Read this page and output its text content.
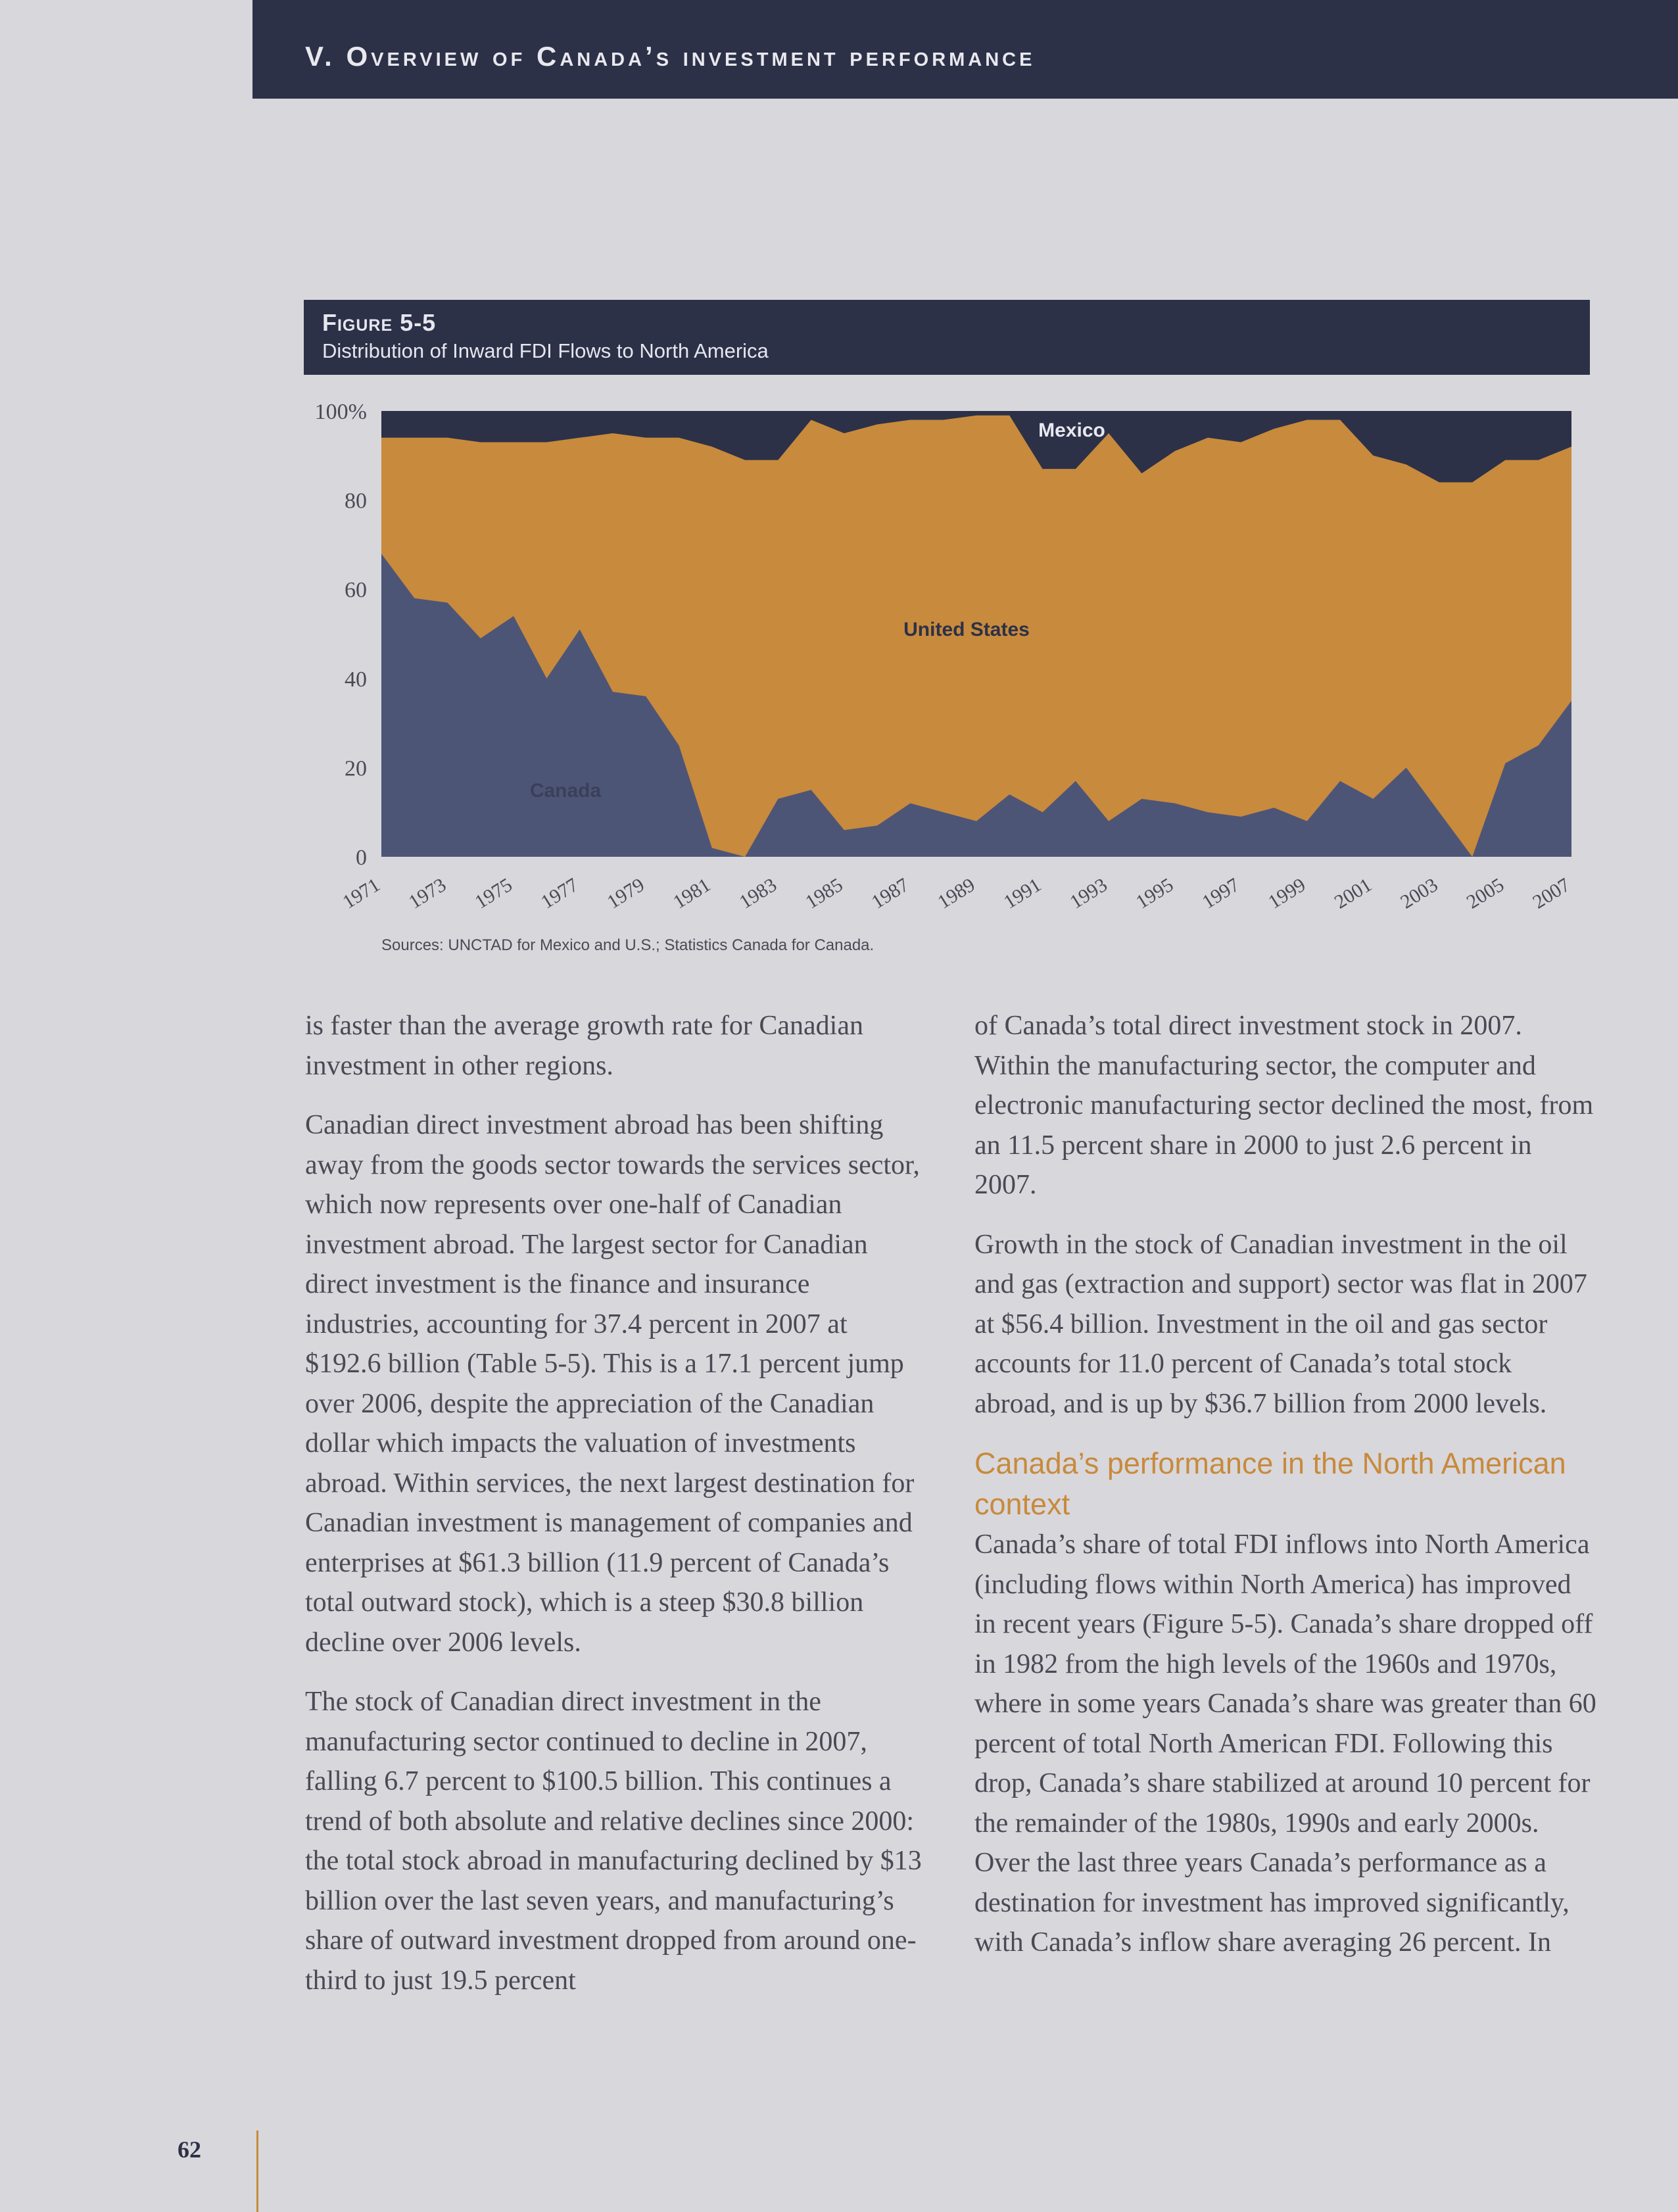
V. Overview of Canada’s investment performance
Figure 5-5
Distribution of Inward FDI Flows to North America
0
20
40
60
80
100%
1971 1973 1975 1977 1979 1981 1983 1985 1987 1989 1991 1993 1995 1997 1999 2001 2003 2005 2007
Mexico
United States
Canada
Sources: UNCTAD for Mexico and U.S.; Statistics Canada for Canada.

is faster than the average growth rate for Canadian investment in other regions.

Canadian direct investment abroad has been shifting away from the goods sector towards the services sector, which now represents over one-half of Canadian investment abroad. The largest sector for Canadian direct investment is the finance and insurance industries, accounting for 37.4 percent in 2007 at $192.6 billion (Table 5-5). This is a 17.1 percent jump over 2006, despite the appreciation of the Canadian dollar which impacts the valuation of investments abroad. Within services, the next largest destination for Canadian investment is management of companies and enterprises at $61.3 billion (11.9 percent of Canada’s total outward stock), which is a steep $30.8 billion decline over 2006 levels.

The stock of Canadian direct investment in the manufacturing sector continued to decline in 2007, falling 6.7 percent to $100.5 billion. This continues a trend of both absolute and relative declines since 2000: the total stock abroad in manufacturing declined by $13 billion over the last seven years, and manufacturing’s share of outward investment dropped from around one-third to just 19.5 percent

of Canada’s total direct investment stock in 2007. Within the manufacturing sector, the computer and electronic manufacturing sector declined the most, from an 11.5 percent share in 2000 to just 2.6 percent in 2007.

Growth in the stock of Canadian investment in the oil and gas (extraction and support) sector was flat in 2007 at $56.4 billion. Investment in the oil and gas sector accounts for 11.0 percent of Canada’s total stock abroad, and is up by $36.7 billion from 2000 levels.

Canada’s performance in the North American context

Canada’s share of total FDI inflows into North America (including flows within North America) has improved in recent years (Figure 5-5). Canada’s share dropped off in 1982 from the high levels of the 1960s and 1970s, where in some years Canada’s share was greater than 60 percent of total North American FDI. Following this drop, Canada’s share stabilized at around 10 percent for the remainder of the 1980s, 1990s and early 2000s. Over the last three years Canada’s performance as a destination for investment has improved significantly, with Canada’s inflow share averaging 26 percent. In

62
